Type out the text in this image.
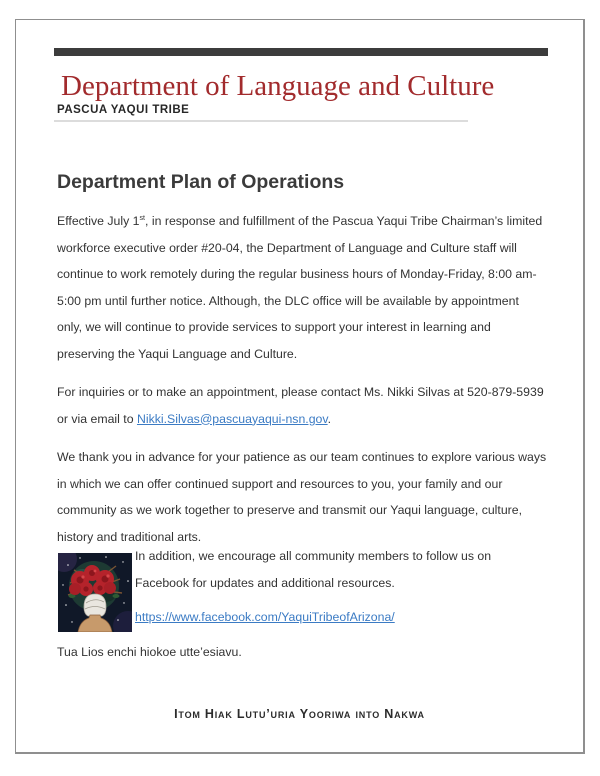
Department of Language and Culture
PASCUA YAQUI TRIBE
Department Plan of Operations

Effective July 1st, in response and fulfillment of the Pascua Yaqui Tribe Chairman’s limited workforce executive order #20-04, the Department of Language and Culture staff will continue to work remotely during the regular business hours of Monday-Friday, 8:00 am-5:00 pm until further notice. Although, the DLC office will be available by appointment only, we will continue to provide services to support your interest in learning and preserving the Yaqui Language and Culture.

For inquiries or to make an appointment, please contact Ms. Nikki Silvas at 520-879-5939 or via email to Nikki.Silvas@pascuayaqui-nsn.gov.

We thank you in advance for your patience as our team continues to explore various ways in which we can offer continued support and resources to you, your family and our community as we work together to preserve and transmit our Yaqui language, culture, history and traditional arts.

In addition, we encourage all community members to follow us on Facebook for updates and additional resources.

https://www.facebook.com/YaquiTribeofArizona/

Tua Lios enchi hiokoe utte’esiavu.

Itom Hiak Lutu’uria Yooriwa into Nakwa
